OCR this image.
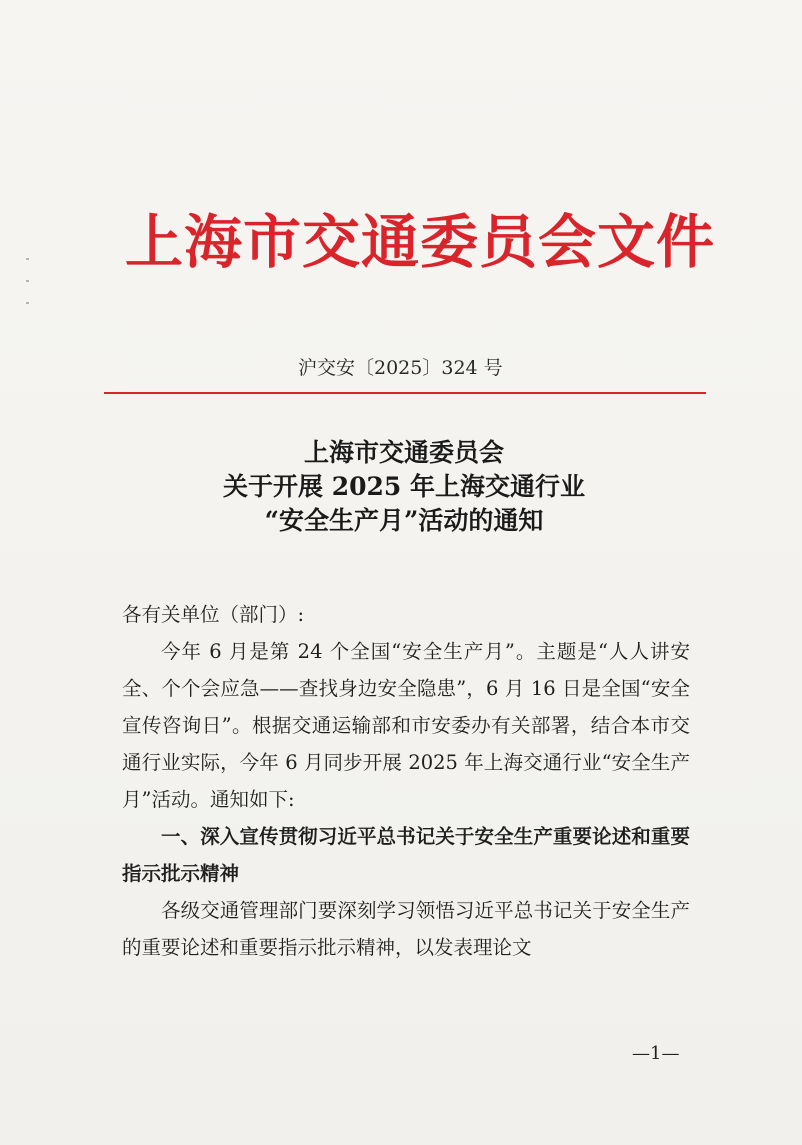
上海市交通委员会文件
沪交安〔2025〕324 号
上海市交通委员会
关于开展 2025 年上海交通行业
“安全生产月”活动的通知

各有关单位（部门）:

今年 6 月是第 24 个全国“安全生产月”。主题是“人人讲安全、个个会应急——查找身边安全隐患”，6 月 16 日是全国“安全宣传咨询日”。根据交通运输部和市安委办有关部署，结合本市交通行业实际，今年 6 月同步开展 2025 年上海交通行业“安全生产月”活动。通知如下:

一、深入宣传贯彻习近平总书记关于安全生产重要论述和重要指示批示精神

各级交通管理部门要深刻学习领悟习近平总书记关于安全生产的重要论述和重要指示批示精神，以发表理论文

—1—
